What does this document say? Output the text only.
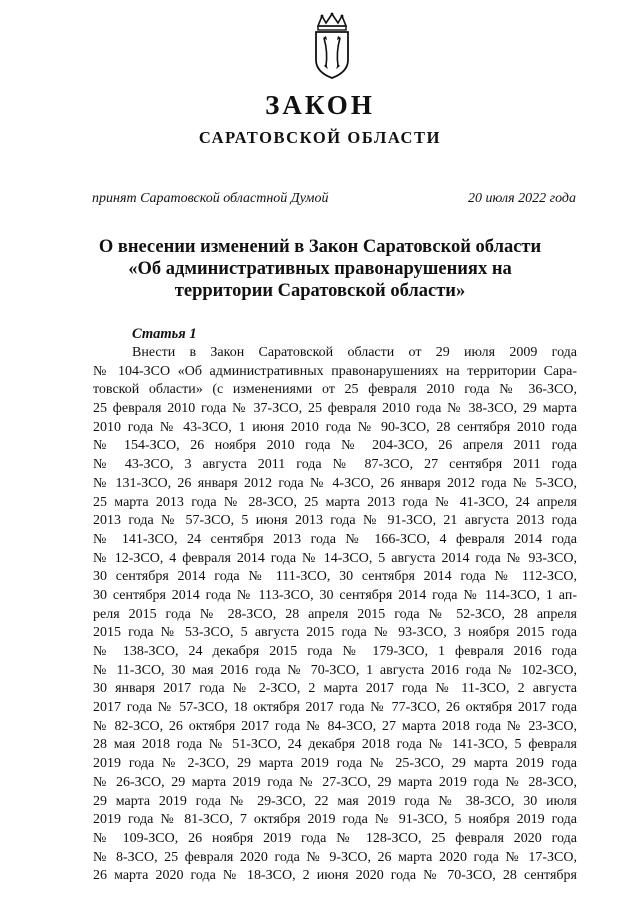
ЗАКОН
САРАТОВСКОЙ ОБЛАСТИ
принят Саратовской областной Думой	20 июля 2022 года
О внесении изменений в Закон Саратовской области
«Об административных правонарушениях на
территории Саратовской области»
Статья 1
Внести в Закон Саратовской области от 29 июля 2009 года
№ 104-ЗСО «Об административных правонарушениях на территории Сара-
товской области» (с изменениями от 25 февраля 2010 года № 36-ЗСО,
25 февраля 2010 года № 37-ЗСО, 25 февраля 2010 года № 38-ЗСО, 29 марта
2010 года № 43-ЗСО, 1 июня 2010 года № 90-ЗСО, 28 сентября 2010 года
№ 154-ЗСО, 26 ноября 2010 года № 204-ЗСО, 26 апреля 2011 года
№ 43-ЗСО, 3 августа 2011 года № 87-ЗСО, 27 сентября 2011 года
№ 131-ЗСО, 26 января 2012 года № 4-ЗСО, 26 января 2012 года № 5-ЗСО,
25 марта 2013 года № 28-ЗСО, 25 марта 2013 года № 41-ЗСО, 24 апреля
2013 года № 57-ЗСО, 5 июня 2013 года № 91-ЗСО, 21 августа 2013 года
№ 141-ЗСО, 24 сентября 2013 года № 166-ЗСО, 4 февраля 2014 года
№ 12-ЗСО, 4 февраля 2014 года № 14-ЗСО, 5 августа 2014 года № 93-ЗСО,
30 сентября 2014 года № 111-ЗСО, 30 сентября 2014 года № 112-ЗСО,
30 сентября 2014 года № 113-ЗСО, 30 сентября 2014 года № 114-ЗСО, 1 ап-
реля 2015 года № 28-ЗСО, 28 апреля 2015 года № 52-ЗСО, 28 апреля
2015 года № 53-ЗСО, 5 августа 2015 года № 93-ЗСО, 3 ноября 2015 года
№ 138-ЗСО, 24 декабря 2015 года № 179-ЗСО, 1 февраля 2016 года
№ 11-ЗСО, 30 мая 2016 года № 70-ЗСО, 1 августа 2016 года № 102-ЗСО,
30 января 2017 года № 2-ЗСО, 2 марта 2017 года № 11-ЗСО, 2 августа
2017 года № 57-ЗСО, 18 октября 2017 года № 77-ЗСО, 26 октября 2017 года
№ 82-ЗСО, 26 октября 2017 года № 84-ЗСО, 27 марта 2018 года № 23-ЗСО,
28 мая 2018 года № 51-ЗСО, 24 декабря 2018 года № 141-ЗСО, 5 февраля
2019 года № 2-ЗСО, 29 марта 2019 года № 25-ЗСО, 29 марта 2019 года
№ 26-ЗСО, 29 марта 2019 года № 27-ЗСО, 29 марта 2019 года № 28-ЗСО,
29 марта 2019 года № 29-ЗСО, 22 мая 2019 года № 38-ЗСО, 30 июля
2019 года № 81-ЗСО, 7 октября 2019 года № 91-ЗСО, 5 ноября 2019 года
№ 109-ЗСО, 26 ноября 2019 года № 128-ЗСО, 25 февраля 2020 года
№ 8-ЗСО, 25 февраля 2020 года № 9-ЗСО, 26 марта 2020 года № 17-ЗСО,
26 марта 2020 года № 18-ЗСО, 2 июня 2020 года № 70-ЗСО, 28 сентября
